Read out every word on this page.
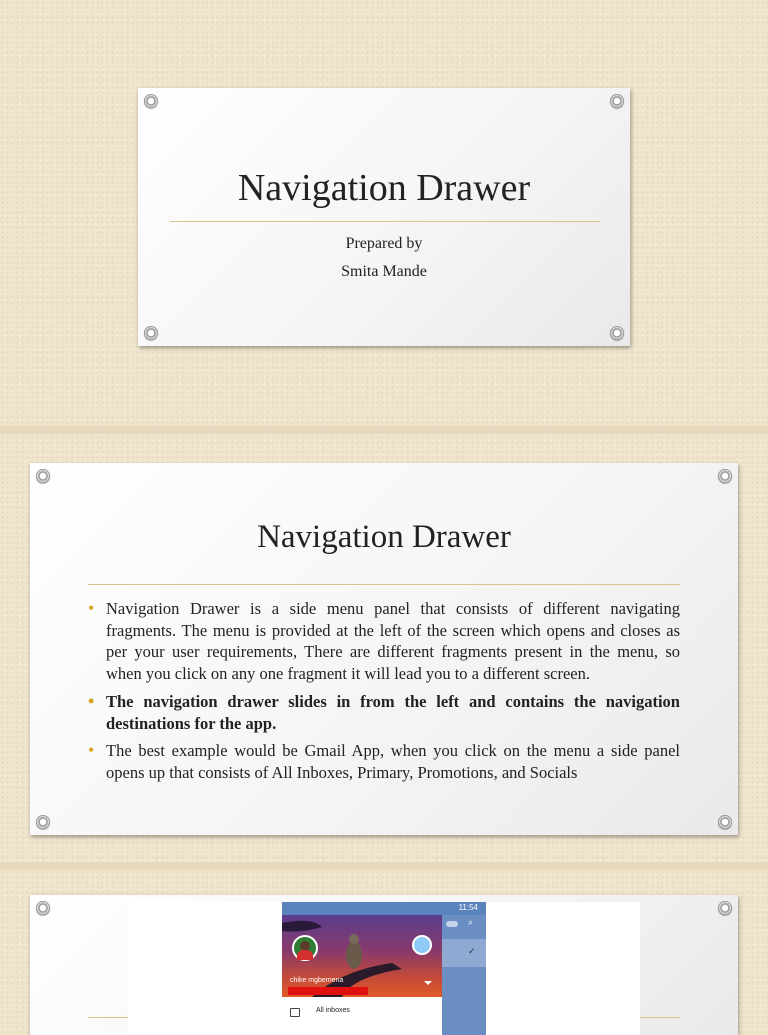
Navigation Drawer

Prepared by

Smita Mande

Navigation Drawer
• Navigation Drawer is a side menu panel that consists of different navigating fragments. The menu is provided at the left of the screen which opens and closes as per your user requirements, There are different fragments present in the menu, so when you click on any one fragment it will lead you to a different screen.
• The navigation drawer slides in from the left and contains the navigation destinations for the app.
• The best example would be Gmail App, when you click on the menu a side panel opens up that consists of All Inboxes, Primary, Promotions, and Socials
11:54
chike mgbemena
⌕
✓
All inboxes
